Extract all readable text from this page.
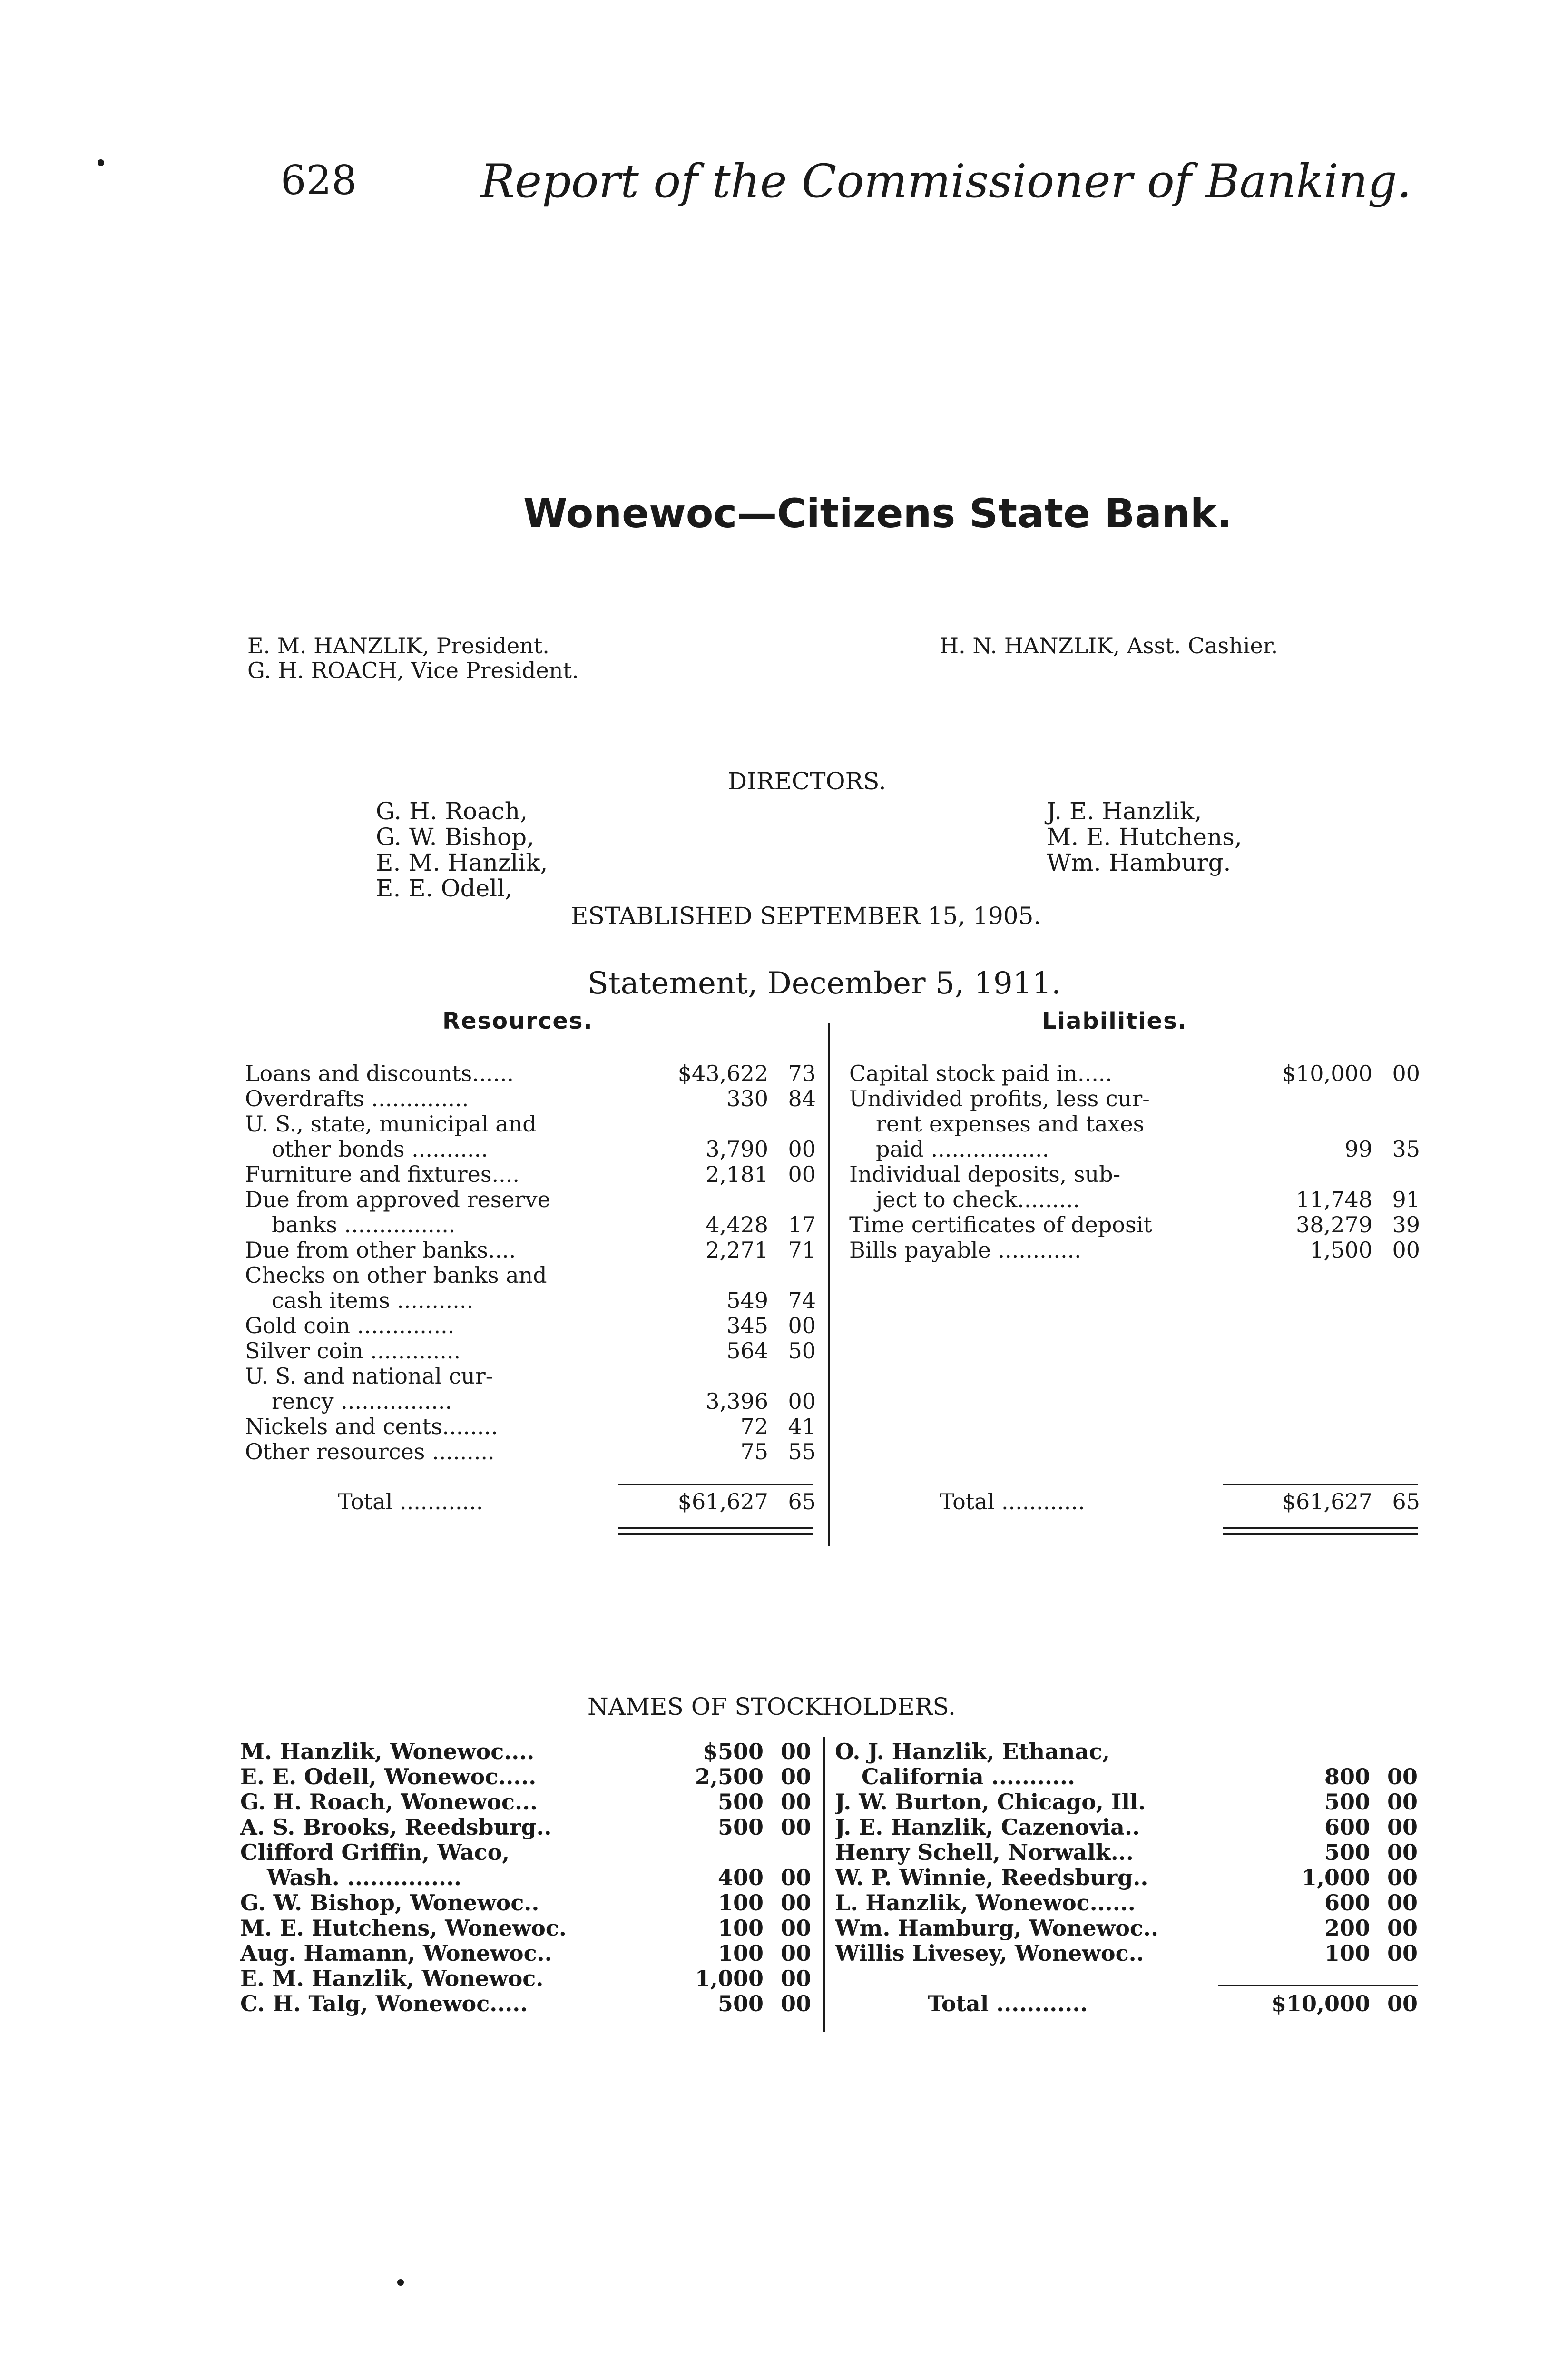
628	Report of the Commissioner of Banking.
Wonewoc—Citizens State Bank.
E. M. HANZLIK, President.
G. H. ROACH, Vice President.
H. N. HANZLIK, Asst. Cashier.
DIRECTORS.
G. H. Roach,
G. W. Bishop,
E. M. Hanzlik,
E. E. Odell,
J. E. Hanzlik,
M. E. Hutchens,
Wm. Hamburg.
ESTABLISHED SEPTEMBER 15, 1905.
Statement, December 5, 1911.
Resources.	Liabilities.
Loans and discounts......	$43,622 73
Overdrafts ..............	330 84
U. S., state, municipal and
other bonds ...........	3,790 00
Furniture and fixtures....	2,181 00
Due from approved reserve
banks ................	4,428 17
Due from other banks....	2,271 71
Checks on other banks and
cash items ...........	549 74
Gold coin ..............	345 00
Silver coin .............	564 50
U. S. and national cur-
rency ................	3,396 00
Nickels and cents........	72 41
Other resources .........	75 55
Capital stock paid in.....	$10,000 00
Undivided profits, less cur-
rent expenses and taxes
paid .................	99 35
Individual deposits, sub-
ject to check.........	11,748 91
Time certificates of deposit	38,279 39
Bills payable ............	1,500 00
Total ............	$61,627 65	Total ............	$61,627 65
NAMES OF STOCKHOLDERS.
M. Hanzlik, Wonewoc....	$500 00
E. E. Odell, Wonewoc.....	2,500 00
G. H. Roach, Wonewoc...	500 00
A. S. Brooks, Reedsburg..	500 00
Clifford Griffin, Waco,
Wash. ...............	400 00
G. W. Bishop, Wonewoc..	100 00
M. E. Hutchens, Wonewoc.	100 00
Aug. Hamann, Wonewoc..	100 00
E. M. Hanzlik, Wonewoc.	1,000 00
C. H. Talg, Wonewoc.....	500 00
O. J. Hanzlik, Ethanac,
California ...........	800 00
J. W. Burton, Chicago, Ill.	500 00
J. E. Hanzlik, Cazenovia..	600 00
Henry Schell, Norwalk...	500 00
W. P. Winnie, Reedsburg..	1,000 00
L. Hanzlik, Wonewoc......	600 00
Wm. Hamburg, Wonewoc..	200 00
Willis Livesey, Wonewoc..	100 00
Total ............	$10,000 00
